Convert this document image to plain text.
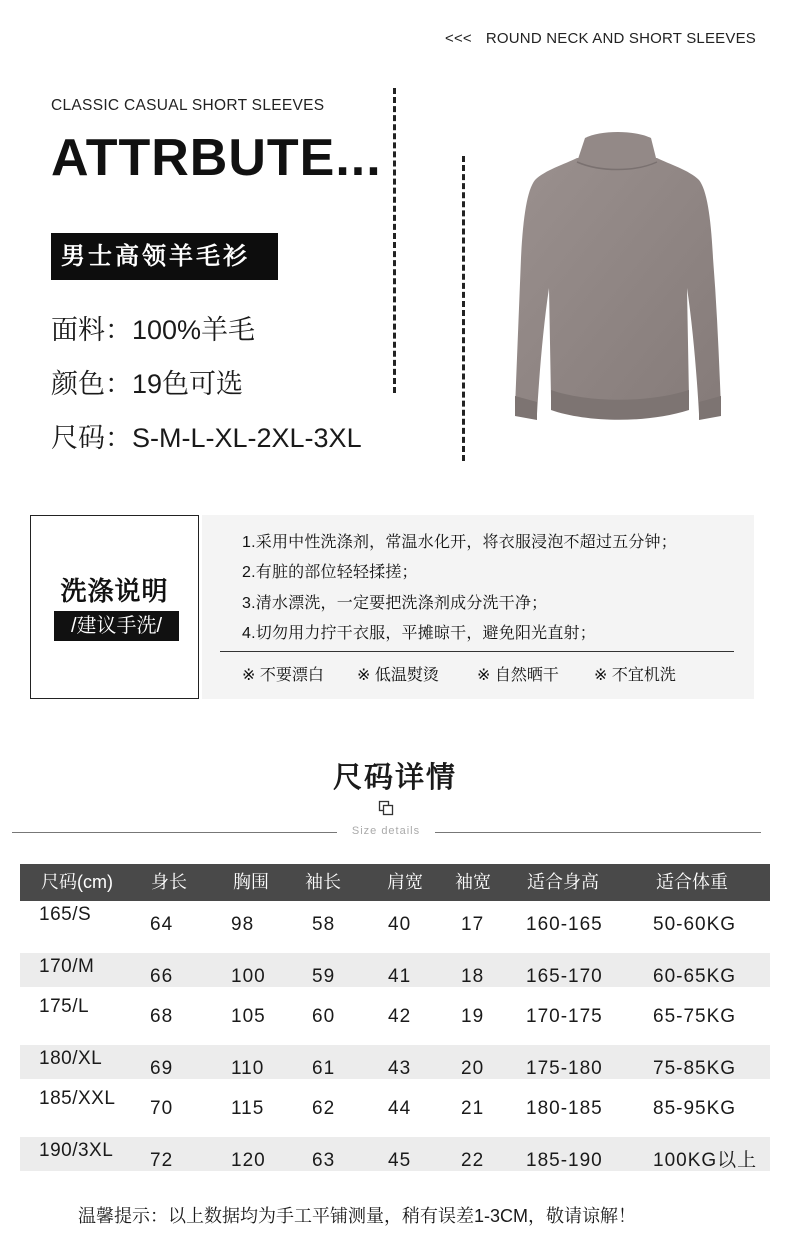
<<< ROUND NECK AND SHORT SLEEVES
CLASSIC CASUAL SHORT SLEEVES
ATTRBUTE...
男士高领羊毛衫
面料：100%羊毛
颜色：19色可选
尺码：S-M-L-XL-2XL-3XL
洗涤说明
/建议手洗/
1.采用中性洗涤剂，常温水化开，将衣服浸泡不超过五分钟；
2.有脏的部位轻轻揉搓；
3.清水漂洗，一定要把洗涤剂成分洗干净；
4.切勿用力拧干衣服，平摊晾干，避免阳光直射；
※ 不要漂白 ※ 低温熨烫 ※ 自然晒干 ※ 不宜机洗
尺码详情
Size details
尺码(cm) 身长	胸围 袖长	肩宽 袖宽 适合身高	适合体重
165/S	64	98	58	40	17 160-165	50-60KG
170/M	66	100 59	41	18 165-170	60-65KG
175/L	68	105 60	42	19 170-175	65-75KG
180/XL	69	110	61	43	20 175-180	75-85KG
185/XXL 70	115	62	44	21 180-185	85-95KG
190/3XL 72	120 63	45	22 185-190	100KG以上
温馨提示：以上数据均为手工平铺测量，稍有误差1-3CM，敬请谅解！
